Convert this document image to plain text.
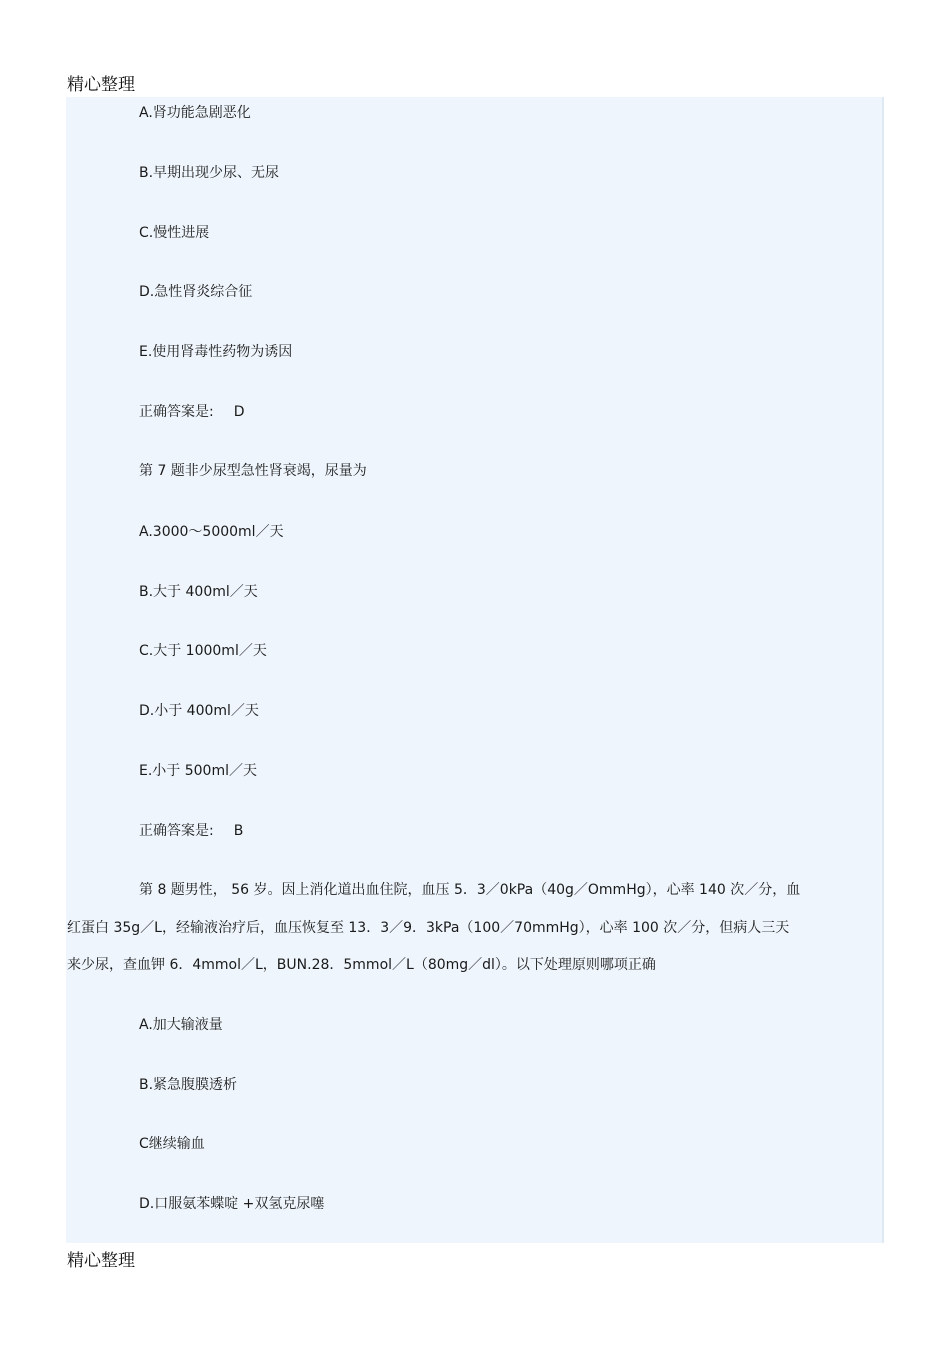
精心整理
A.肾功能急剧恶化
B.早期出现少尿、无尿
C.慢性进展
D.急性肾炎综合征
E.使用肾毒性药物为诱因
正确答案是: D
第 7 题非少尿型急性肾衰竭，尿量为
A.3000～5000ml／天
B.大于 400ml／天
C.大于 1000ml／天
D.小于 400ml／天
E.小于 500ml／天
正确答案是: B
第 8 题男性， 56 岁。因上消化道出血住院，血压 5．3／0kPa（40g／OmmHg），心率 140 次／分，血
红蛋白 35g／L，经输液治疗后，血压恢复至 13．3／9．3kPa（100／70mmHg），心率 100 次／分，但病人三天
来少尿，查血钾 6．4mmol／L，BUN.28．5mmol／L（80mg／dl）。以下处理原则哪项正确
A.加大输液量
B.紧急腹膜透析
C继续输血
D.口服氨苯蝶啶 +双氢克尿噻
精心整理
